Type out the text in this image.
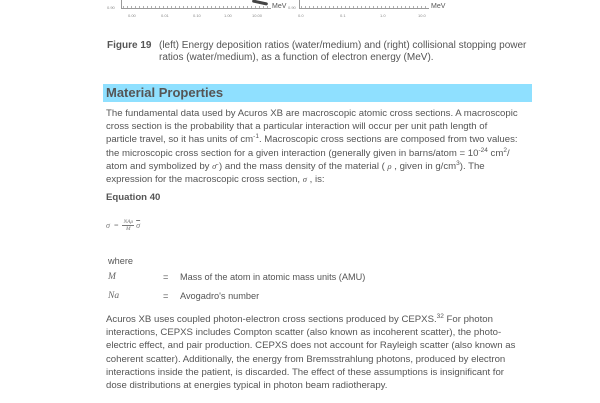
0.90
0.00	0.01	0.10	1.00	10.00
MeV 0.90
0.0	0.1	1.0	10.0
MeV
Figure 19 (left) Energy deposition ratios (water/medium) and (right) collisional stopping power
ratios (water/medium), as a function of electron energy (MeV).
Material Properties
The fundamental data used by Acuros XB are macroscopic atomic cross sections. A macroscopic
cross section is the probability that a particular interaction will occur per unit path length of
particle travel, so it has units of $cm^{-1}$. Macroscopic cross sections are composed from two values:
the microscopic cross section for a given interaction (generally given in barns/atom = $10^{-24}$ $cm^2/$
atom and symbolized by σ̄ ) and the mass density of the material ( ρ , given in $g/cm^3$). The
expression for the macroscopic cross section, σ , is:
Equation 40
$\sigma = \frac{\text{NAρ}}{M} \overline{\sigma}$
where
M	= Mass of the atom in atomic mass units (AMU)
Na	= Avogadro's number
Acuros XB uses coupled photon-electron cross sections produced by CEPXS.$^{32}$ For photon
interactions, CEPXS includes Compton scatter (also known as incoherent scatter), the photo-
electric effect, and pair production. CEPXS does not account for Rayleigh scatter (also known as
coherent scatter). Additionally, the energy from Bremsstrahlung photons, produced by electron
interactions inside the patient, is discarded. The effect of these assumptions is insignificant for
dose distributions at energies typical in photon beam radiotherapy.
